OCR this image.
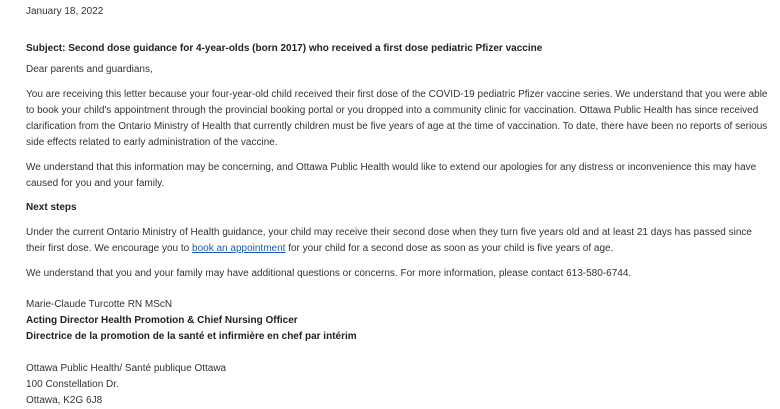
January 18, 2022
Subject: Second dose guidance for 4-year-olds (born 2017) who received a first dose pediatric Pfizer vaccine
Dear parents and guardians,

You are receiving this letter because your four-year-old child received their first dose of the COVID-19 pediatric Pfizer vaccine series. We understand that you were able to book your child's appointment through the provincial booking portal or you dropped into a community clinic for vaccination. Ottawa Public Health has since received clarification from the Ontario Ministry of Health that currently children must be five years of age at the time of vaccination. To date, there have been no reports of serious side effects related to early administration of the vaccine.

We understand that this information may be concerning, and Ottawa Public Health would like to extend our apologies for any distress or inconvenience this may have caused for you and your family.

Next steps

Under the current Ontario Ministry of Health guidance, your child may receive their second dose when they turn five years old and at least 21 days has passed since their first dose. We encourage you to book an appointment for your child for a second dose as soon as your child is five years of age.

We understand that you and your family may have additional questions or concerns. For more information, please contact 613-580-6744.

Marie-Claude Turcotte RN MScN
Acting Director Health Promotion & Chief Nursing Officer
Directrice de la promotion de la santé et infirmière en chef par intérim
Ottawa Public Health/ Santé publique Ottawa
100 Constellation Dr.
Ottawa, K2G 6J8
